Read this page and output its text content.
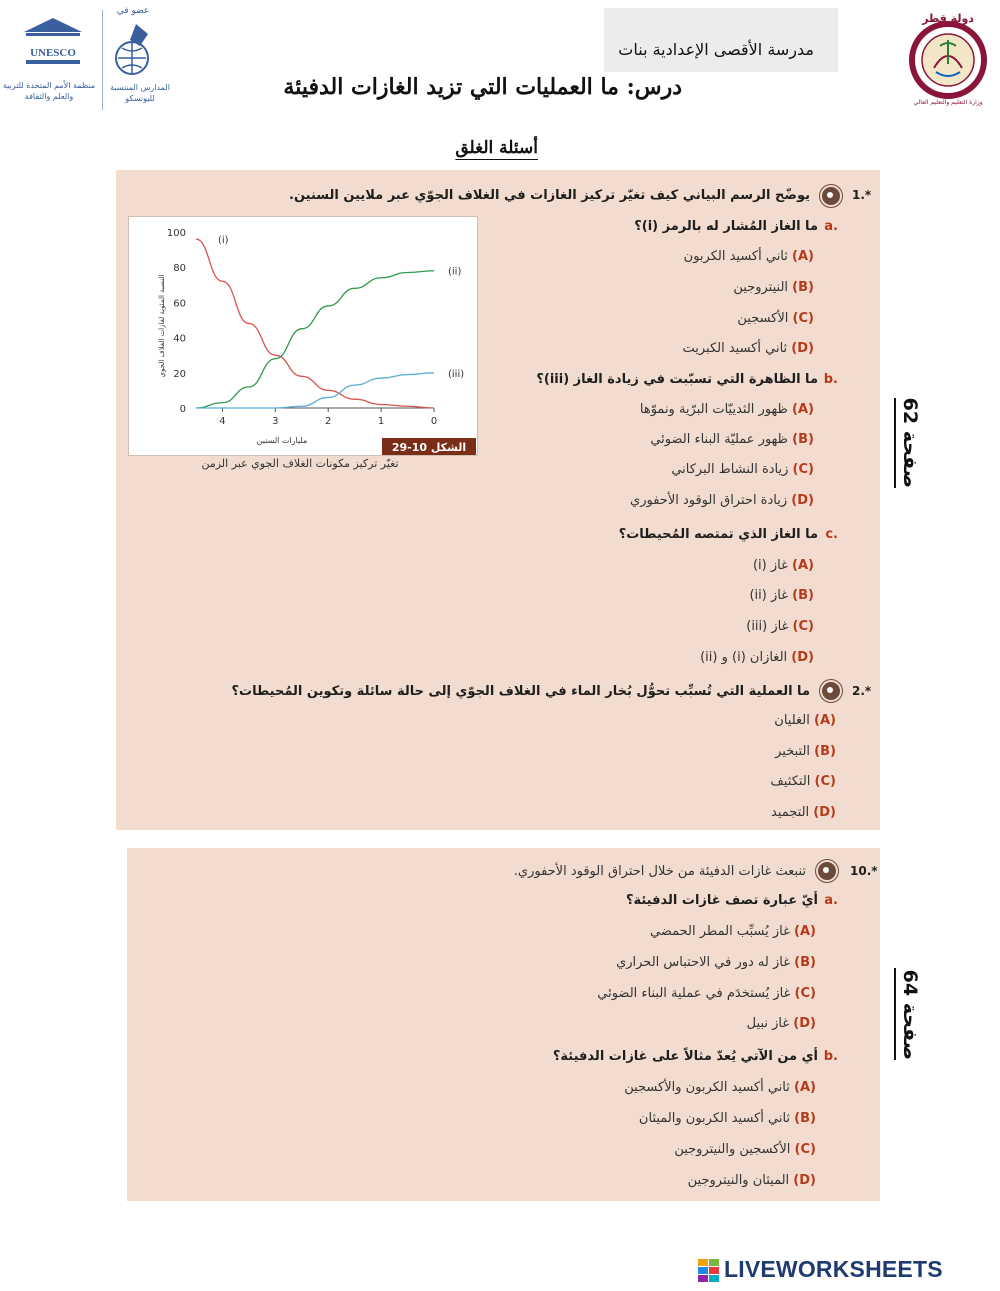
UNESCO
منظمة الأمم المتحدة للتربية والعلم والثقافة
عضو في
المدارس المنتسبة لليونسكو
مدرسة الأقصى الإعدادية بنات
درس: ما العمليات التي تزيد الغازات الدفيئة
دولة قطر
وزارة التعليم والتعليم العالي
أسئلة الغلق
1.*
يوضّح الرسم البياني كيف تغيّر تركيز الغازات في الغلاف الجوّي عبر ملايين السنين.
a.
ما الغاز المُشار له بالرمز (i)؟
(A) ثاني أكسيد الكربون
(B) النيتروجين
(C) الأكسجين
(D) ثاني أكسيد الكبريت
b.
ما الظاهرة التي تسبّبت في زيادة الغاز (iii)؟
(A) ظهور الثدييّات البرّية ونموّها
(B) ظهور عمليّة البناء الضوئي
(C) زيادة النشاط البركاني
(D) زيادة احتراق الوقود الأحفوري
c.
ما الغاز الذي تمتصه المُحيطات؟
(A) غاز (i)
(B) غاز (ii)
(C) غاز (iii)
(D) الغازان (i) و (ii)
2.*
ما العملية التي تُسبِّب تحوُّل بُخار الماء في الغلاف الجوّي إلى حالة سائلة وتكوين المُحيطات؟
(A) الغليان
(B) التبخير
(C) التكثيف
(D) التجميد
0
20
40
60
80
100
4	3	2	1	0
(i)
(ii)
(iii)
الشكل 10-29
مليارات السنين
النسبة المئوية لغازات الغلاف الجوي
تغيّر تركيز مكونات الغلاف الجوي عبر الزمن
صفحة 62
10.*
تنبعث غازات الدفيئة من خلال احتراق الوقود الأحفوري.
a.
أيّ عبارة تصف غازات الدفيئة؟
(A) غاز يُسبِّب المطر الحمضي
(B) غاز له دور في الاحتباس الحراري
(C) غاز يُستخدَم في عملية البناء الضوئي
(D) غاز نبيل
b.
أي من الآتي يُعدّ مثالاً على غازات الدفيئة؟
(A) ثاني أكسيد الكربون والأكسجين
(B) ثاني أكسيد الكربون والميثان
(C) الأكسجين والنيتروجين
(D) الميثان والنيتروجين
صفحة 64
LIVEWORKSHEETS
